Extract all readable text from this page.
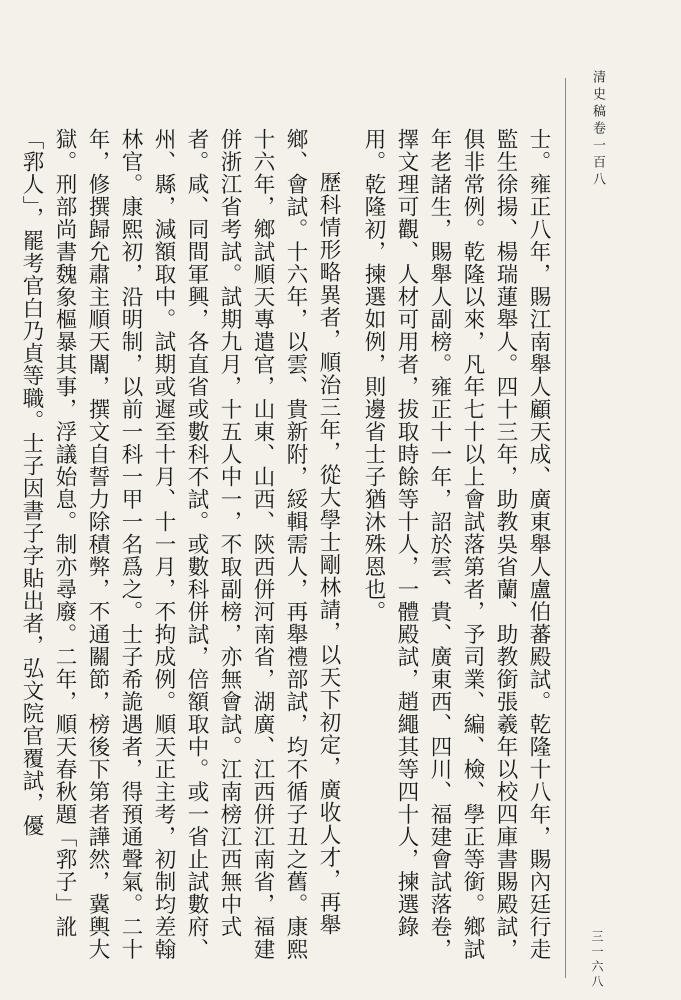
清史稿卷一百八

士。雍正八年，賜江南舉人顧天成、廣東舉人盧伯蕃殿試。乾隆十八年，賜內廷行走監生徐揚、楊瑞蓮舉人。四十三年，助教吳省蘭、助教銜張羲年以校四庫書賜殿試，俱非常例。乾隆以來，凡年七十以上會試落第者，予司業、編、檢、學正等銜。鄉試年老諸生，賜舉人副榜。雍正十一年，詔於雲、貴、廣東西、四川、福建會試落卷，擇文理可觀、人材可用者，拔取時餘等十人，一體殿試，趙繩其等四十人，揀選錄用。乾隆初，揀選如例，則邊省士子猶沐殊恩也。

歷科情形略異者，順治三年，從大學士剛林請，以天下初定，廣收人才，再舉鄉、會試。十六年，以雲、貴新附，綏輯需人，再舉禮部試，均不循子丑之舊。康熙十六年，鄉試順天專遣官，山東、山西、陝西併河南省，湖廣、江西併江南省，福建併浙江省考試。試期九月，十五人中一，不取副榜，亦無會試。江南榜江西無中式者。咸、同間軍興，各直省或數科不試。或數科併試，倍額取中。或一省止試數府、州、縣，減額取中。試期或遲至十月、十一月，不拘成例。順天正主考，初制均差翰林官。康熙初，沿明制，以前一科一甲一名爲之。士子希詭遇者，得預通聲氣。二十年，修撰歸允肅主順天闈，撰文自誓力除積弊，不通關節，榜後下第者譁然，冀輿大獄。刑部尚書魏象樞暴其事，浮議始息。制亦尋廢。二年，順天春秋題「郛子」訛「郛人」，罷考官白乃貞等職。士子因書子字貼出者，弘文院官覆試，優

三一六八
